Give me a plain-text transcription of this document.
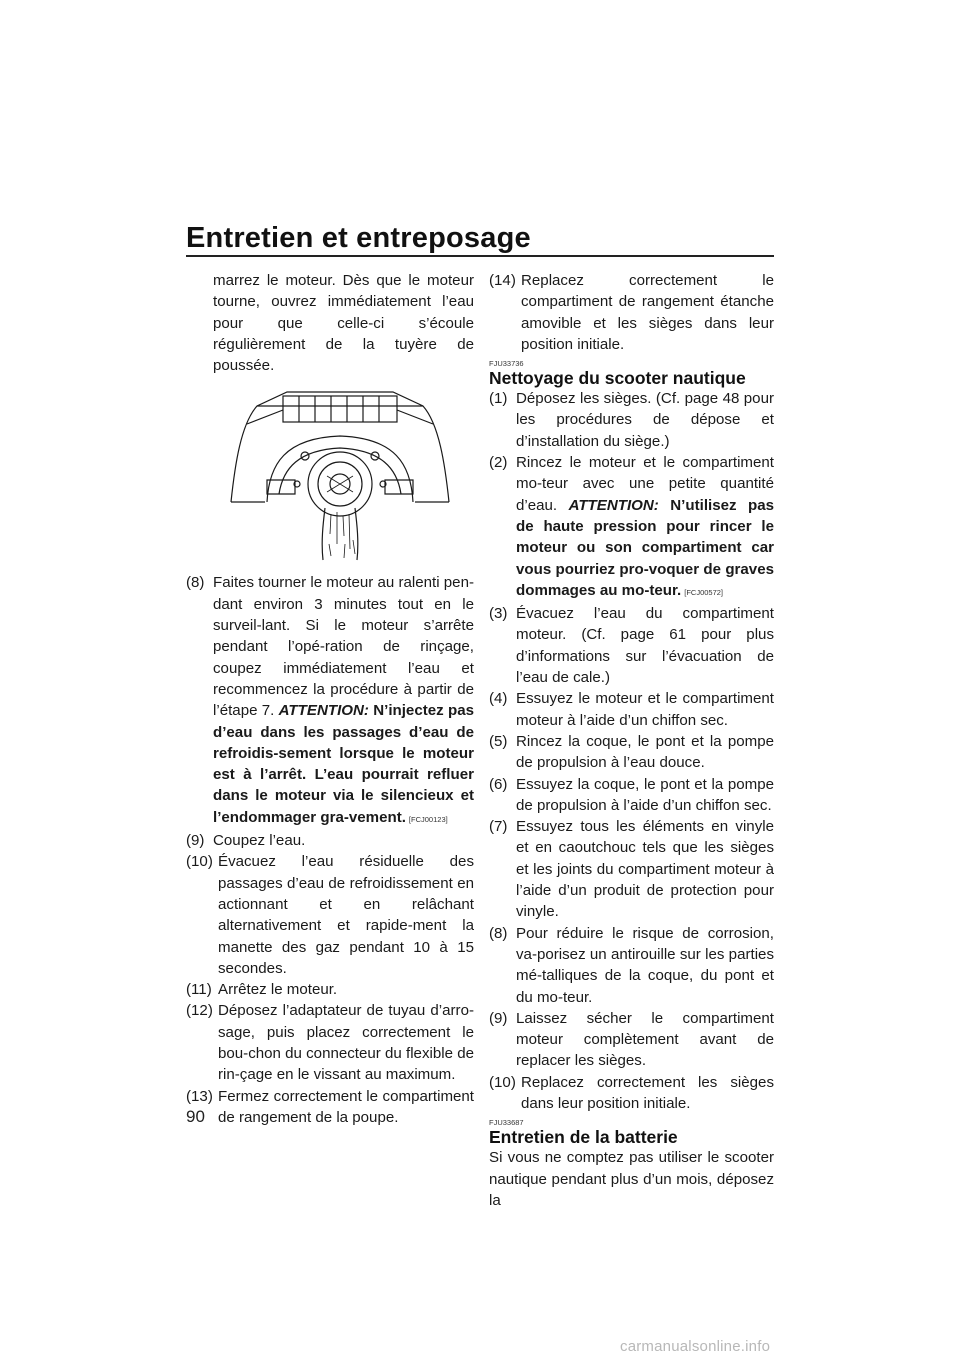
Entretien et entreposage

marrez le moteur. Dès que le moteur tourne, ouvrez immédiatement l’eau pour que celle-ci s’écoule régulièrement de la tuyère de poussée.

(8) Faites tourner le moteur au ralenti pen-dant environ 3 minutes tout en le surveil-lant. Si le moteur s’arrête pendant l’opé-ration de rinçage, coupez immédiatement l’eau et recommencez la procédure à partir de l’étape 7. ATTENTION: N’injectez pas d’eau dans les passages d’eau de refroidis-sement lorsque le moteur est à l’arrêt. L’eau pourrait refluer dans le moteur via le silencieux et l’endommager gra-vement. [FCJ00123]
(9) Coupez l’eau.
(10) Évacuez l’eau résiduelle des passages d’eau de refroidissement en actionnant et en relâchant alternativement et rapide-ment la manette des gaz pendant 10 à 15 secondes.
(11) Arrêtez le moteur.
(12) Déposez l’adaptateur de tuyau d’arro-sage, puis placez correctement le bou-chon du connecteur du flexible de rin-çage en le vissant au maximum.
(13) Fermez correctement le compartiment de rangement de la poupe.
(14) Replacez correctement le compartiment de rangement étanche amovible et les sièges dans leur position initiale.
FJU33736
Nettoyage du scooter nautique
(1) Déposez les sièges. (Cf. page 48 pour les procédures de dépose et d’installation du siège.)
(2) Rincez le moteur et le compartiment mo-teur avec une petite quantité d’eau. ATTENTION: N’utilisez pas de haute pression pour rincer le moteur ou son compartiment car vous pourriez pro-voquer de graves dommages au mo-teur. [FCJ00572]
(3) Évacuez l’eau du compartiment moteur. (Cf. page 61 pour plus d’informations sur l’évacuation de l’eau de cale.)
(4) Essuyez le moteur et le compartiment moteur à l’aide d’un chiffon sec.
(5) Rincez la coque, le pont et la pompe de propulsion à l’eau douce.
(6) Essuyez la coque, le pont et la pompe de propulsion à l’aide d’un chiffon sec.
(7) Essuyez tous les éléments en vinyle et en caoutchouc tels que les sièges et les joints du compartiment moteur à l’aide d’un produit de protection pour vinyle.
(8) Pour réduire le risque de corrosion, va-porisez un antirouille sur les parties mé-talliques de la coque, du pont et du mo-teur.
(9) Laissez sécher le compartiment moteur complètement avant de replacer les sièges.
(10) Replacez correctement les sièges dans leur position initiale.
FJU33687
Entretien de la batterie

Si vous ne comptez pas utiliser le scooter nautique pendant plus d’un mois, déposez la

90
carmanualsonline.info
